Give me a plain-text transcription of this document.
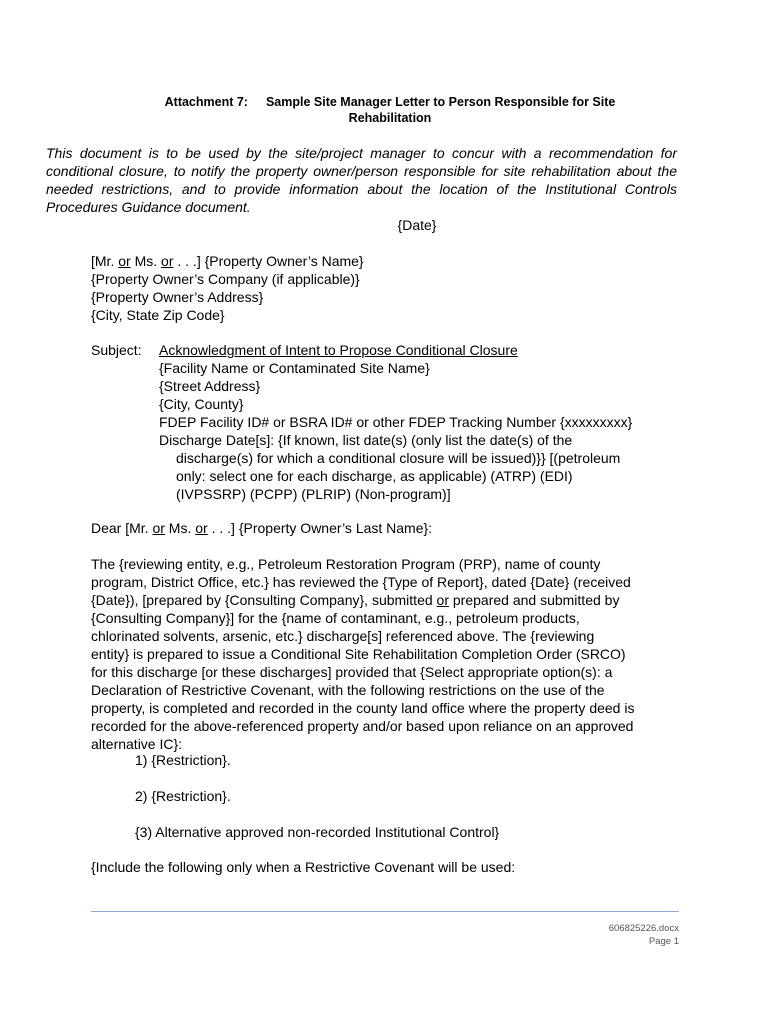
Attachment 7: Sample Site Manager Letter to Person Responsible for Site
Rehabilitation
This document is to be used by the site/project manager to concur with a recommendation for conditional closure, to notify the property owner/person responsible for site rehabilitation about the needed restrictions, and to provide information about the location of the Institutional Controls Procedures Guidance document.
{Date}
[Mr. or Ms. or . . .] {Property Owner’s Name}
{Property Owner’s Company (if applicable)}
{Property Owner’s Address}
{City, State Zip Code}
Subject: Acknowledgment of Intent to Propose Conditional Closure
{Facility Name or Contaminated Site Name}
{Street Address}
{City, County}
FDEP Facility ID# or BSRA ID# or other FDEP Tracking Number {xxxxxxxxx}
Discharge Date[s]: {If known, list date(s) (only list the date(s) of the
discharge(s) for which a conditional closure will be issued)}} [(petroleum
only: select one for each discharge, as applicable) (ATRP) (EDI)
(IVPSSRP) (PCPP) (PLRIP) (Non-program)]
Dear [Mr. or Ms. or . . .] {Property Owner’s Last Name}:
The {reviewing entity, e.g., Petroleum Restoration Program (PRP), name of county
program, District Office, etc.} has reviewed the {Type of Report}, dated {Date} (received
{Date}), [prepared by {Consulting Company}, submitted or prepared and submitted by
{Consulting Company}] for the {name of contaminant, e.g., petroleum products,
chlorinated solvents, arsenic, etc.} discharge[s] referenced above. The {reviewing
entity} is prepared to issue a Conditional Site Rehabilitation Completion Order (SRCO)
for this discharge [or these discharges] provided that {Select appropriate option(s): a
Declaration of Restrictive Covenant, with the following restrictions on the use of the
property, is completed and recorded in the county land office where the property deed is
recorded for the above-referenced property and/or based upon reliance on an approved
alternative IC}:
1) {Restriction}.
2) {Restriction}.
{3) Alternative approved non-recorded Institutional Control}
{Include the following only when a Restrictive Covenant will be used:
606825226.docx
Page 1
